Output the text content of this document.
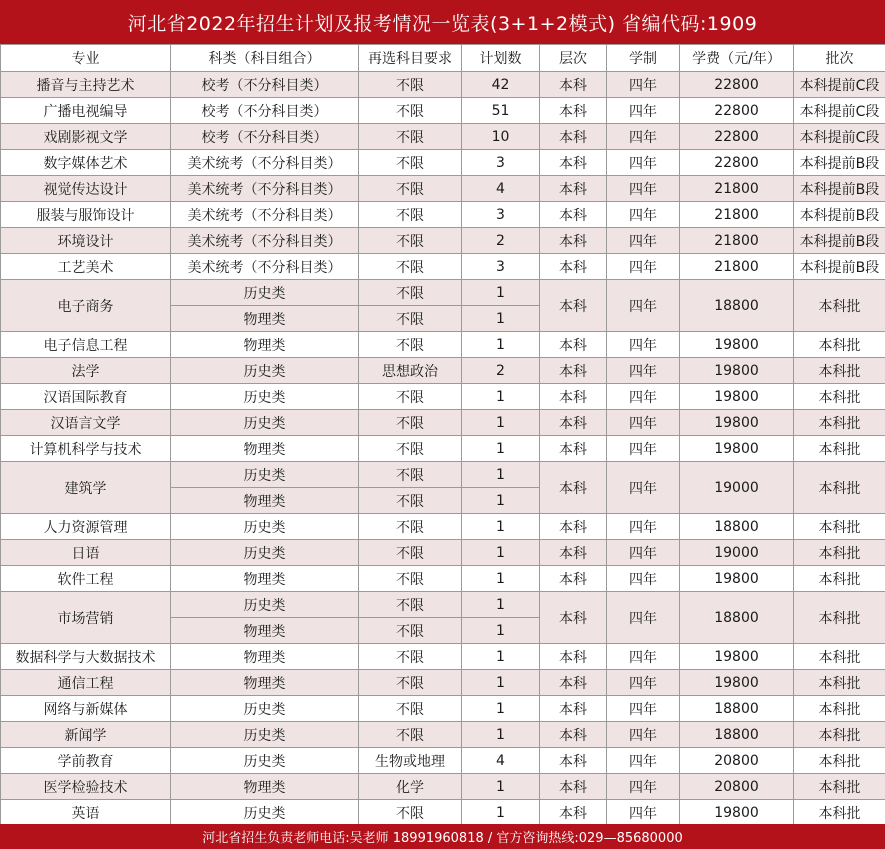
河北省2022年招生计划及报考情况一览表(3+1+2模式) 省编代码:1909
专业	科类（科目组合）	再选科目要求	计划数	层次	学制	学费（元/年）	批次
播音与主持艺术	校考（不分科目类）	不限	42	本科	四年	22800	本科提前C段
广播电视编导	校考（不分科目类）	不限	51	本科	四年	22800	本科提前C段
戏剧影视文学	校考（不分科目类）	不限	10	本科	四年	22800	本科提前C段
数字媒体艺术	美术统考（不分科目类）	不限	3	本科	四年	22800	本科提前B段
视觉传达设计	美术统考（不分科目类）	不限	4	本科	四年	21800	本科提前B段
服装与服饰设计	美术统考（不分科目类）	不限	3	本科	四年	21800	本科提前B段
环境设计	美术统考（不分科目类）	不限	2	本科	四年	21800	本科提前B段
工艺美术	美术统考（不分科目类）	不限	3	本科	四年	21800	本科提前B段
电子商务	历史类	不限	1	本科	四年	18800	本科批
	物理类	不限	1				
电子信息工程	物理类	不限	1	本科	四年	19800	本科批
法学	历史类	思想政治	2	本科	四年	19800	本科批
汉语国际教育	历史类	不限	1	本科	四年	19800	本科批
汉语言文学	历史类	不限	1	本科	四年	19800	本科批
计算机科学与技术	物理类	不限	1	本科	四年	19800	本科批
建筑学	历史类	不限	1	本科	四年	19000	本科批
	物理类	不限	1				
人力资源管理	历史类	不限	1	本科	四年	18800	本科批
日语	历史类	不限	1	本科	四年	19000	本科批
软件工程	物理类	不限	1	本科	四年	19800	本科批
市场营销	历史类	不限	1	本科	四年	18800	本科批
	物理类	不限	1				
数据科学与大数据技术	物理类	不限	1	本科	四年	19800	本科批
通信工程	物理类	不限	1	本科	四年	19800	本科批
网络与新媒体	历史类	不限	1	本科	四年	18800	本科批
新闻学	历史类	不限	1	本科	四年	18800	本科批
学前教育	历史类	生物或地理	4	本科	四年	20800	本科批
医学检验技术	物理类	化学	1	本科	四年	20800	本科批
英语	历史类	不限	1	本科	四年	19800	本科批
河北省招生负责老师电话:吴老师 18991960818 / 官方咨询热线:029—85680000
